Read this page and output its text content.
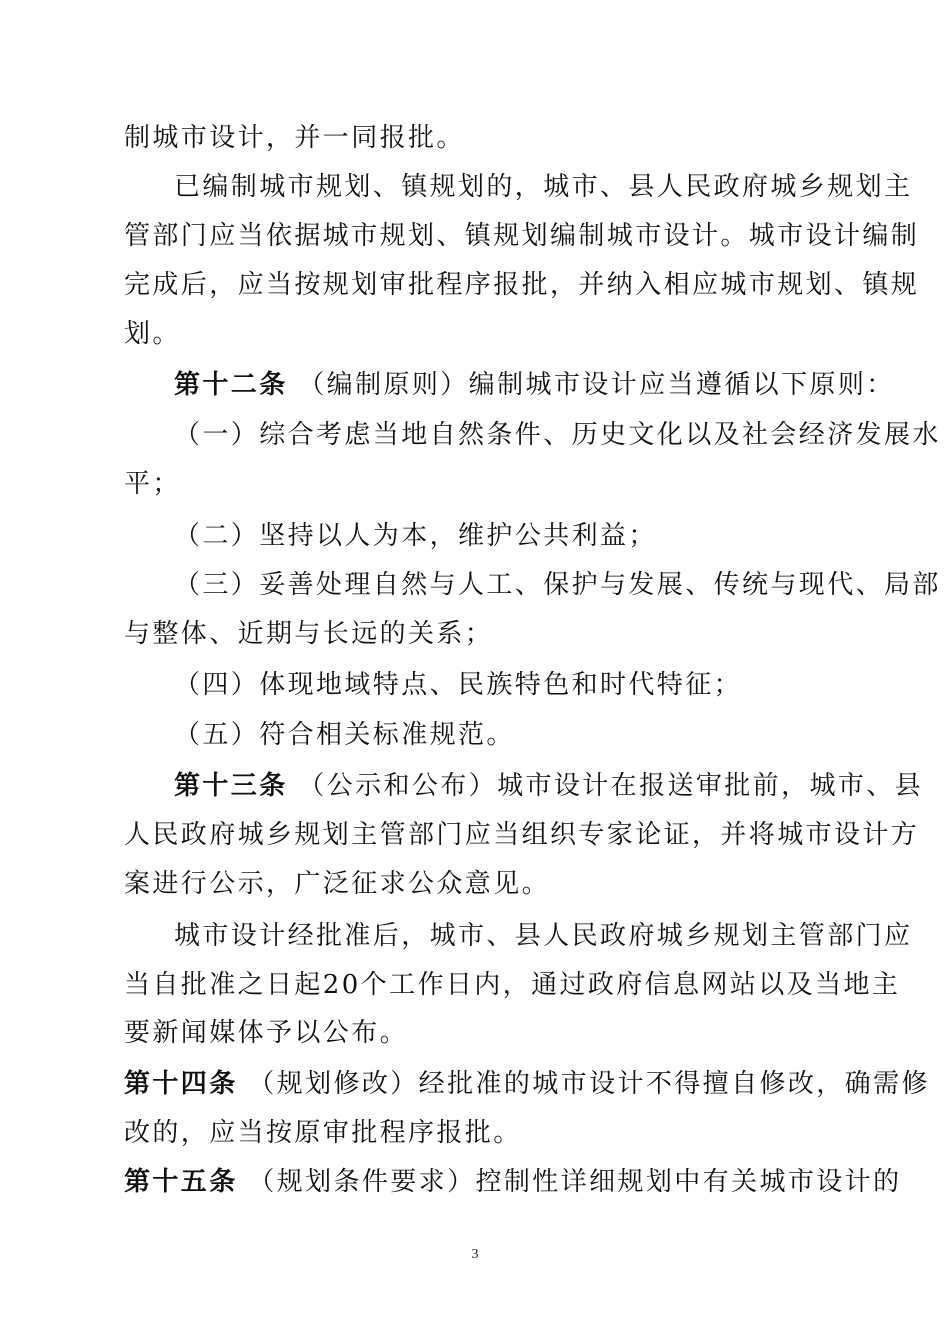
制城市设计，并一同报批。
已编制城市规划、镇规划的，城市、县人民政府城乡规划主
管部门应当依据城市规划、镇规划编制城市设计。城市设计编制
完成后，应当按规划审批程序报批，并纳入相应城市规划、镇规
划。
第十二条 （编制原则）编制城市设计应当遵循以下原则：
（一）综合考虑当地自然条件、历史文化以及社会经济发展水
平；
（二）坚持以人为本，维护公共利益；
（三）妥善处理自然与人工、保护与发展、传统与现代、局部
与整体、近期与长远的关系；
（四）体现地域特点、民族特色和时代特征；
（五）符合相关标准规范。
第十三条 （公示和公布）城市设计在报送审批前，城市、县
人民政府城乡规划主管部门应当组织专家论证，并将城市设计方
案进行公示，广泛征求公众意见。
城市设计经批准后，城市、县人民政府城乡规划主管部门应
当自批准之日起20个工作日内，通过政府信息网站以及当地主
要新闻媒体予以公布。
第十四条 （规划修改）经批准的城市设计不得擅自修改，确需修
改的，应当按原审批程序报批。
第十五条 （规划条件要求）控制性详细规划中有关城市设计的
3
